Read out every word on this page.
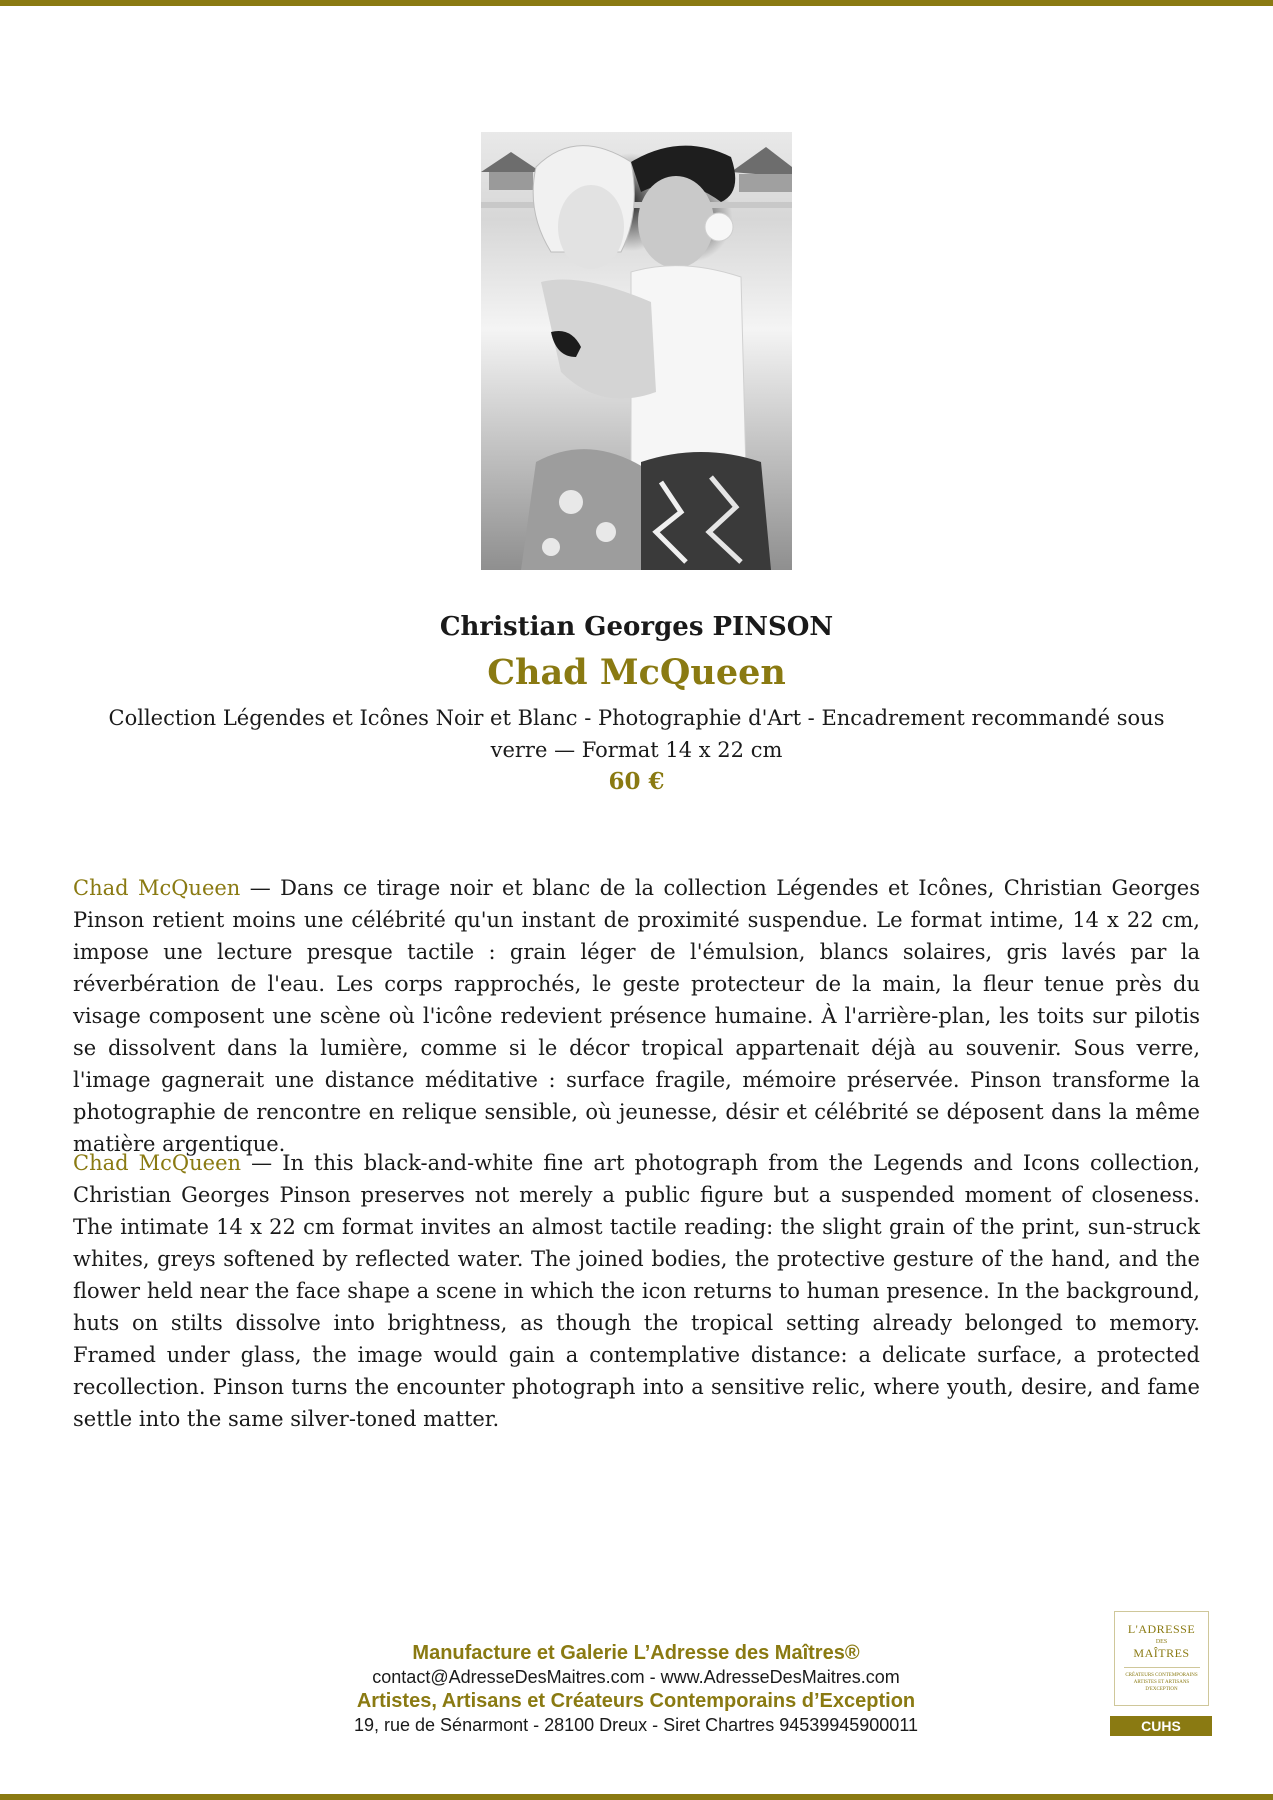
Christian Georges PINSON
Chad McQueen
Collection Légendes et Icônes Noir et Blanc - Photographie d'Art - Encadrement recommandé sous verre — Format 14 x 22 cm
60 €

Chad McQueen — Dans ce tirage noir et blanc de la collection Légendes et Icônes, Christian Georges Pinson retient moins une célébrité qu'un instant de proximité suspendue. Le format intime, 14 x 22 cm, impose une lecture presque tactile : grain léger de l'émulsion, blancs solaires, gris lavés par la réverbération de l'eau. Les corps rapprochés, le geste protecteur de la main, la fleur tenue près du visage composent une scène où l'icône redevient présence humaine. À l'arrière-plan, les toits sur pilotis se dissolvent dans la lumière, comme si le décor tropical appartenait déjà au souvenir. Sous verre, l'image gagnerait une distance méditative : surface fragile, mémoire préservée. Pinson transforme la photographie de rencontre en relique sensible, où jeunesse, désir et célébrité se déposent dans la même matière argentique.

Chad McQueen — In this black-and-white fine art photograph from the Legends and Icons collection, Christian Georges Pinson preserves not merely a public figure but a suspended moment of closeness. The intimate 14 x 22 cm format invites an almost tactile reading: the slight grain of the print, sun-struck whites, greys softened by reflected water. The joined bodies, the protective gesture of the hand, and the flower held near the face shape a scene in which the icon returns to human presence. In the background, huts on stilts dissolve into brightness, as though the tropical setting already belonged to memory. Framed under glass, the image would gain a contemplative distance: a delicate surface, a protected recollection. Pinson turns the encounter photograph into a sensitive relic, where youth, desire, and fame settle into the same silver-toned matter.

Manufacture et Galerie L’Adresse des Maîtres®
contact@AdresseDesMaitres.com - www.AdresseDesMaitres.com
Artistes, Artisans et Créateurs Contemporains d’Exception
19, rue de Sénarmont - 28100 Dreux - Siret Chartres 94539945900011
L'ADRESSE
DES
MAÎTRES
CRÉATEURS CONTEMPORAINS ARTISTES ET ARTISANS D'EXCEPTION
CUHS
